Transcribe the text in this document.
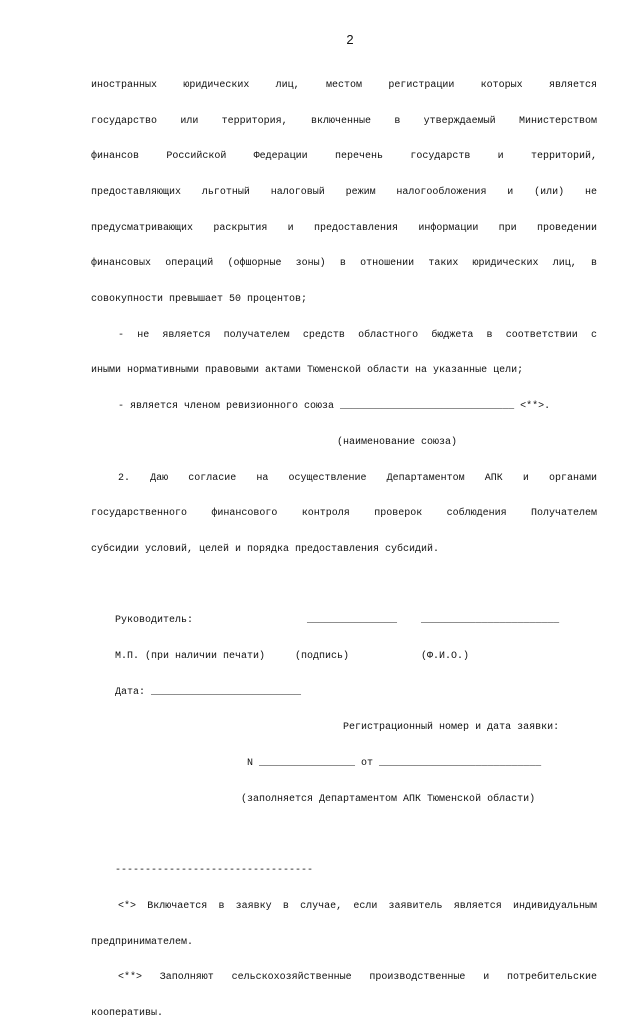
2

иностранных юридических лиц, местом регистрации которых является

государство или территория, включенные в утверждаемый Министерством

финансов Российской Федерации перечень государств и территорий,

предоставляющих льготный налоговый режим налогообложения и (или) не

предусматривающих раскрытия и предоставления информации при проведении

финансовых операций (офшорные зоны) в отношении таких юридических лиц, в

совокупности превышает 50 процентов;

- не является получателем средств областного бюджета в соответствии с

иными нормативными правовыми актами Тюменской области на указанные цели;

- является членом ревизионного союза _____________________________ <**>.

(наименование союза)

2. Даю согласие на осуществление Департаментом АПК и органами

государственного финансового контроля проверок соблюдения Получателем

субсидии условий, целей и порядка предоставления субсидий.

Руководитель:                   _______________    _______________________

М.П. (при наличии печати)     (подпись)            (Ф.И.О.)

Дата: _________________________

Регистрационный номер и дата заявки:

N ________________ от ___________________________

(заполняется Департаментом АПК Тюменской области)

---------------------------------

<*> Включается в заявку в случае, если заявитель является индивидуальным

предпринимателем.

<**> Заполняют сельскохозяйственные производственные и потребительские

кооперативы.
